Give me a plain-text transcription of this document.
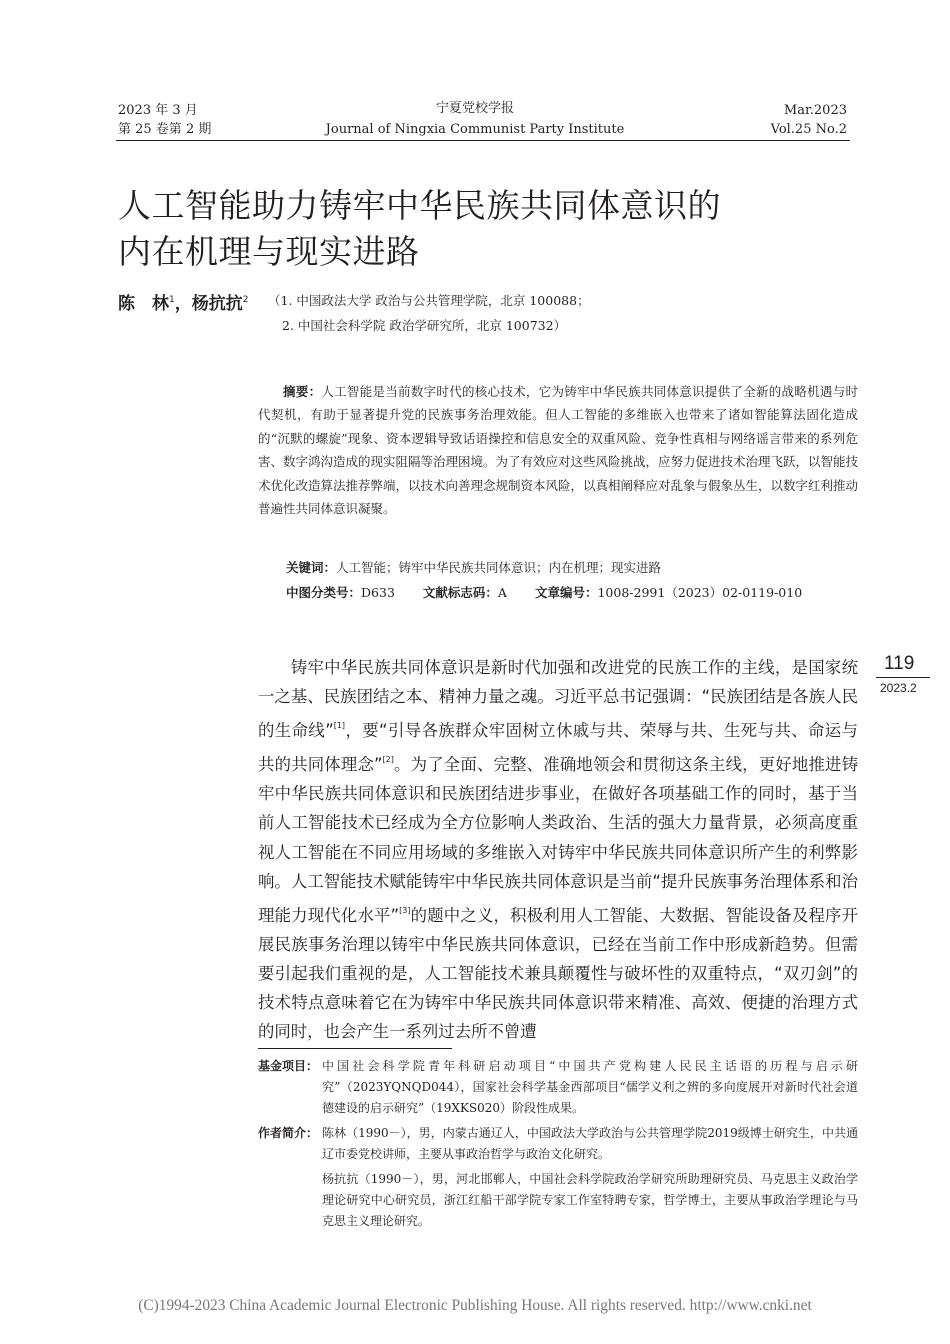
2023 年 3 月
第 25 卷第 2 期
宁夏党校学报
Journal of Ningxia Communist Party Institute
Mar.2023
Vol.25 No.2
人工智能助力铸牢中华民族共同体意识的
内在机理与现实进路
陈　林$^1$，杨抗抗$^2$ （1. 中国政法大学 政治与公共管理学院，北京 100088；
2. 中国社会科学院 政治学研究所，北京 100732）

摘要：人工智能是当前数字时代的核心技术，它为铸牢中华民族共同体意识提供了全新的战略机遇与时代契机，有助于显著提升党的民族事务治理效能。但人工智能的多维嵌入也带来了诸如智能算法固化造成的“沉默的螺旋”现象、资本逻辑导致话语操控和信息安全的双重风险、竞争性真相与网络谣言带来的系列危害、数字鸿沟造成的现实阻隔等治理困境。为了有效应对这些风险挑战，应努力促进技术治理飞跃，以智能技术优化改造算法推荐弊端，以技术向善理念规制资本风险，以真相阐释应对乱象与假象丛生，以数字红利推动普遍性共同体意识凝聚。

关键词：人工智能；铸牢中华民族共同体意识；内在机理；现实进路
中图分类号：D633 文献标志码：A 文章编号：1008-2991（2023）02-0119-010
119
2023.2

铸牢中华民族共同体意识是新时代加强和改进党的民族工作的主线，是国家统一之基、民族团结之本、精神力量之魂。习近平总书记强调：“民族团结是各族人民的生命线”[1]，要“引导各族群众牢固树立休戚与共、荣辱与共、生死与共、命运与共的共同体理念”[2]。为了全面、完整、准确地领会和贯彻这条主线，更好地推进铸牢中华民族共同体意识和民族团结进步事业，在做好各项基础工作的同时，基于当前人工智能技术已经成为全方位影响人类政治、生活的强大力量背景，必须高度重视人工智能在不同应用场域的多维嵌入对铸牢中华民族共同体意识所产生的利弊影响。人工智能技术赋能铸牢中华民族共同体意识是当前“提升民族事务治理体系和治理能力现代化水平”[3]的题中之义，积极利用人工智能、大数据、智能设备及程序开展民族事务治理以铸牢中华民族共同体意识，已经在当前工作中形成新趋势。但需要引起我们重视的是，人工智能技术兼具颠覆性与破坏性的双重特点，“双刃剑”的技术特点意味着它在为铸牢中华民族共同体意识带来精准、高效、便捷的治理方式的同时，也会产生一系列过去所不曾遭

基金项目： 中国社会科学院青年科研启动项目“中国共产党构建人民民主话语的历程与启示研究”（2023YQNQD044），国家社会科学基金西部项目“儒学义利之辨的多向度展开对新时代社会道德建设的启示研究”（19XKS020）阶段性成果。

作者简介： 陈林（1990－），男，内蒙古通辽人，中国政法大学政治与公共管理学院2019级博士研究生，中共通辽市委党校讲师，主要从事政治哲学与政治文化研究。

杨抗抗（1990－），男，河北邯郸人，中国社会科学院政治学研究所助理研究员、马克思主义政治学理论研究中心研究员，浙江红船干部学院专家工作室特聘专家，哲学博士，主要从事政治学理论与马克思主义理论研究。

(C)1994-2023 China Academic Journal Electronic Publishing House. All rights reserved. http://www.cnki.net
